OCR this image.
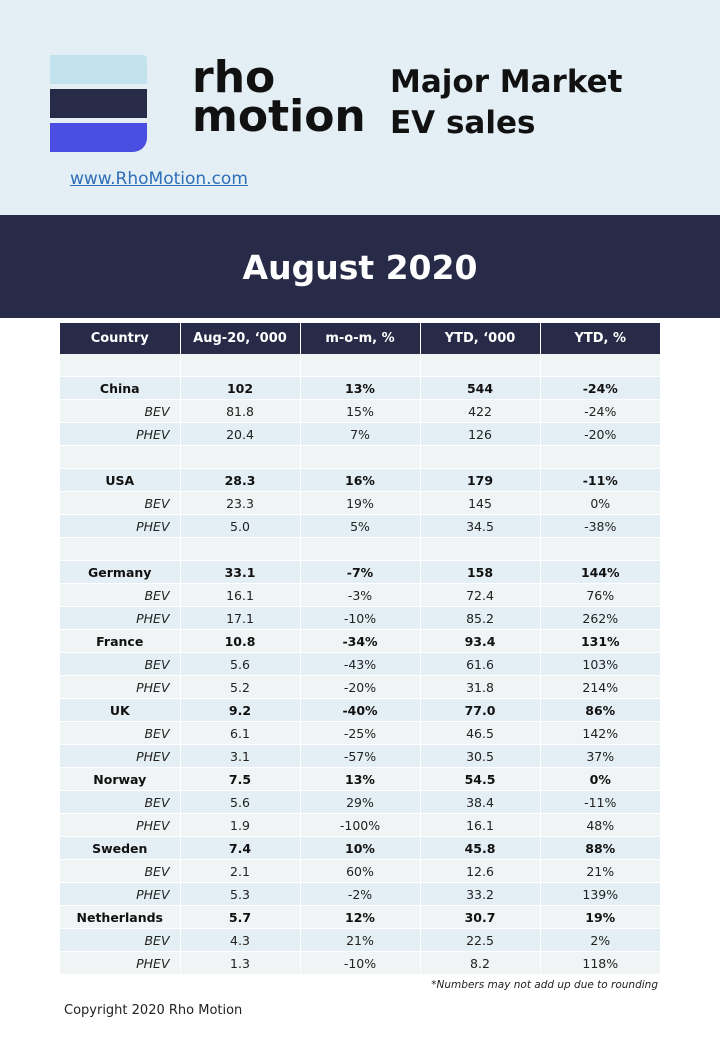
rho
motion
Major Market
EV sales
www.RhoMotion.com
August 2020
Country	Aug-20, ‘000	m-o-m, %	YTD, ‘000	YTD, %

China	102	13%	544	-24%
BEV	81.8	15%	422	-24%
PHEV	20.4	7%	126	-20%

USA	28.3	16%	179	-11%
BEV	23.3	19%	145	0%
PHEV	5.0	5%	34.5	-38%

Germany	33.1	-7%	158	144%
BEV	16.1	-3%	72.4	76%
PHEV	17.1	-10%	85.2	262%
France	10.8	-34%	93.4	131%
BEV	5.6	-43%	61.6	103%
PHEV	5.2	-20%	31.8	214%
UK	9.2	-40%	77.0	86%
BEV	6.1	-25%	46.5	142%
PHEV	3.1	-57%	30.5	37%
Norway	7.5	13%	54.5	0%
BEV	5.6	29%	38.4	-11%
PHEV	1.9	-100%	16.1	48%
Sweden	7.4	10%	45.8	88%
BEV	2.1	60%	12.6	21%
PHEV	5.3	-2%	33.2	139%
Netherlands	5.7	12%	30.7	19%
BEV	4.3	21%	22.5	2%
PHEV	1.3	-10%	8.2	118%
*Numbers may not add up due to rounding
Copyright 2020 Rho Motion
